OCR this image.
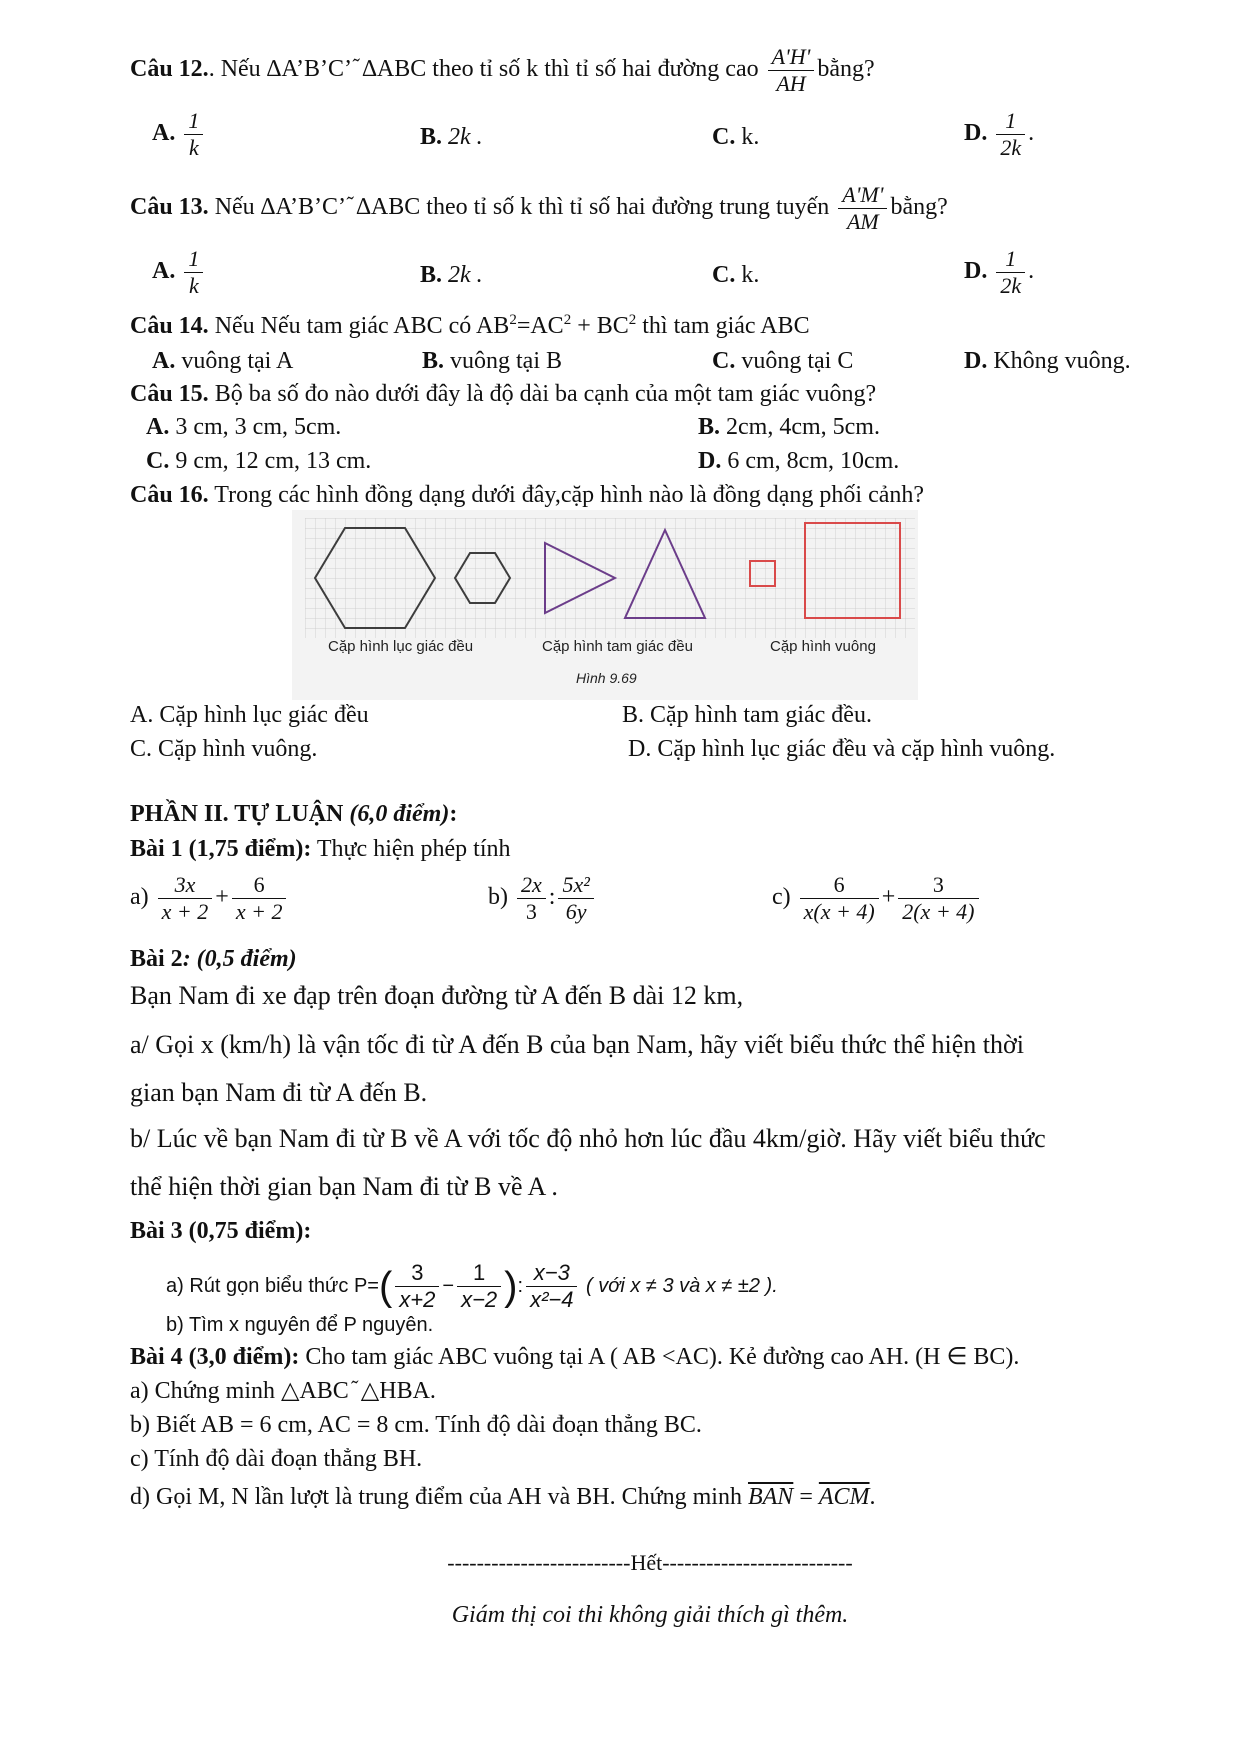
Câu 12.. Nếu ∆A’B’C’ ᷉ ∆ABC theo tỉ số k thì tỉ số hai đường cao $\frac{A'H'}{AH}$ bằng?
A. $\frac{1}{k}$	B. 2k .	C. k.	D. $\frac{1}{2k}$ .
Câu 13. Nếu ∆A’B’C’ ᷉ ∆ABC theo tỉ số k thì tỉ số hai đường trung tuyến $\frac{A'M'}{AM}$ bằng?
A. $\frac{1}{k}$	B. 2k .	C. k.	D. $\frac{1}{2k}$ .
Câu 14. Nếu Nếu tam giác ABC có $AB^2=AC^2 + BC^2$ thì tam giác ABC
A. vuông tại A	B. vuông tại B	C. vuông tại C	D. Không vuông.
Câu 15. Bộ ba số đo nào dưới đây là độ dài ba cạnh của một tam giác vuông?
A. 3 cm, 3 cm, 5cm.	B. 2cm, 4cm, 5cm.
C. 9 cm, 12 cm, 13 cm.	D. 6 cm, 8cm, 10cm.
Câu 16. Trong các hình đồng dạng dưới đây,cặp hình nào là đồng dạng phối cảnh?
Cặp hình lục giác đều	Cặp hình tam giác đều	Cặp hình vuông
Hình 9.69
A. Cặp hình lục giác đều	B. Cặp hình tam giác đều.
C. Cặp hình vuông.	D. Cặp hình lục giác đều và cặp hình vuông.
PHẦN II. TỰ LUẬN (6,0 điểm):
Bài 1 (1,75 điểm): Thực hiện phép tính
$a) \frac{3x}{x + 2} + \frac{6}{x + 2}$	$b) \frac{2x}{3}$ : $\frac{\text{5x²}}{6y}$	$c) \frac{6}{x(x + 4)} + \frac{3}{2(x + 4)}$
Bài 2: (0,5 điểm)
Bạn Nam đi xe đạp trên đoạn đường từ A đến B dài 12 km,
a/ Gọi x (km/h) là vận tốc đi từ A đến B của bạn Nam, hãy viết biểu thức thể hiện thời
gian bạn Nam đi từ A đến B.
b/ Lúc về bạn Nam đi từ B về A với tốc độ nhỏ hơn lúc đầu 4km/giờ. Hãy viết biểu thức
thể hiện thời gian bạn Nam đi từ B về A .
Bài 3 (0,75 điểm):
a) Rút gọn biểu thức $P=( \frac{3}{x+2} - \frac{1}{x-2}$ ): $\frac{x-3}{\text{x²−4}}$ ( với x ≠ 3 và x ≠ ±2 ).
b) Tìm x nguyên để P nguyên.
Bài 4 (3,0 điểm): Cho tam giác ABC vuông tại A ( AB <AC). Kẻ đường cao AH. (H ∈ BC).
a) Chứng minh △ABC ᷉ △HBA.
b) Biết AB = 6 cm, AC = 8 cm. Tính độ dài đoạn thẳng BC.
c) Tính độ dài đoạn thẳng BH.
d) Gọi M, N lần lượt là trung điểm của AH và BH. Chứng minh $\overline{BAN} = \overline{ACM}$.
-------------------------Hết--------------------------
Giám thị coi thi không giải thích gì thêm.
